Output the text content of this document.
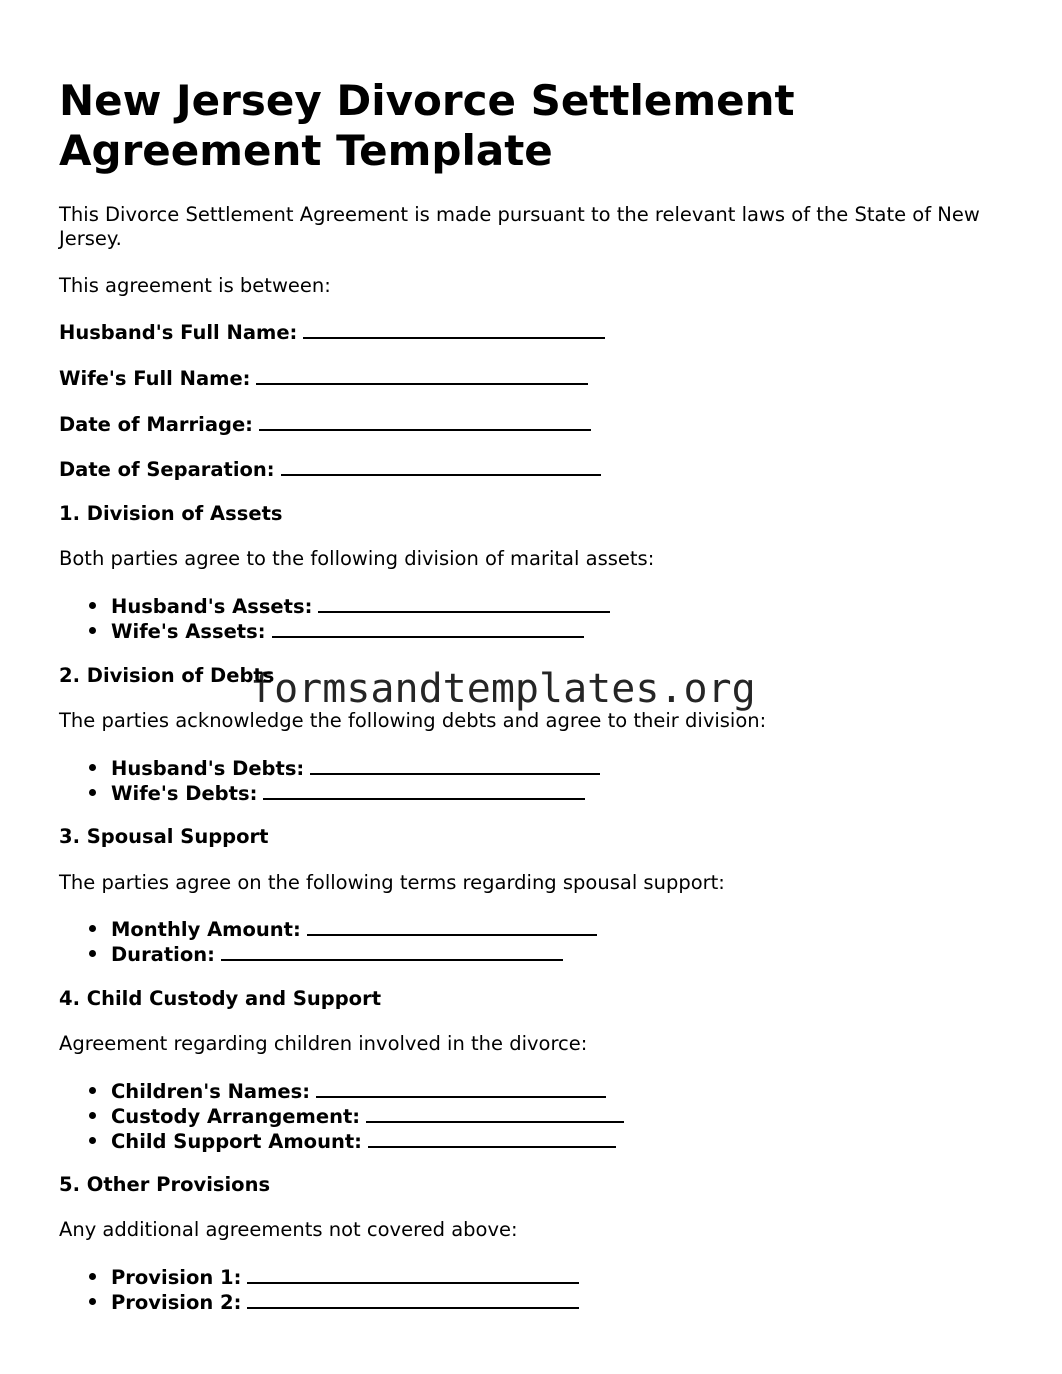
New Jersey Divorce Settlement Agreement Template

This Divorce Settlement Agreement is made pursuant to the relevant laws of the State of New Jersey.

This agreement is between:

Husband's Full Name:

Wife's Full Name:

Date of Marriage:

Date of Separation:

1. Division of Assets

Both parties agree to the following division of marital assets:

Husband's Assets:

Wife's Assets:

2. Division of Debts

The parties acknowledge the following debts and agree to their division:

Husband's Debts:

Wife's Debts:

3. Spousal Support

The parties agree on the following terms regarding spousal support:

Monthly Amount:

Duration:

4. Child Custody and Support

Agreement regarding children involved in the divorce:

Children's Names:

Custody Arrangement:

Child Support Amount:

5. Other Provisions

Any additional agreements not covered above:

Provision 1:

Provision 2:

formsandtemplates.org
